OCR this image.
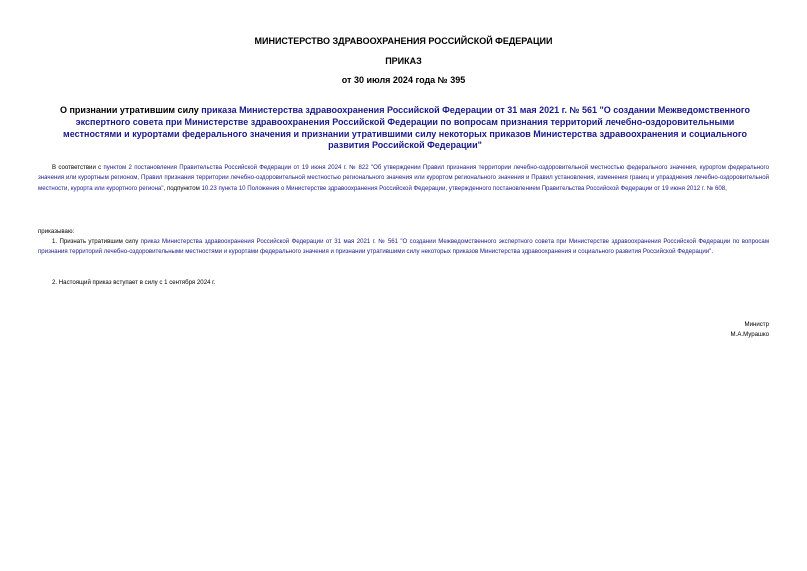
МИНИСТЕРСТВО ЗДРАВООХРАНЕНИЯ РОССИЙСКОЙ ФЕДЕРАЦИИ
ПРИКАЗ
от 30 июля 2024 года № 395
О признании утратившим силу приказа Министерства здравоохранения Российской Федерации от 31 мая 2021 г. № 561 "О создании Межведомственного экспертного совета при Министерстве здравоохранения Российской Федерации по вопросам признания территорий лечебно-оздоровительными местностями и курортами федерального значения и признании утратившими силу некоторых приказов Министерства здравоохранения и социального развития Российской Федерации"
В соответствии с пунктом 2 постановления Правительства Российской Федерации от 19 июня 2024 г. № 822 "Об утверждении Правил признания территории лечебно-оздоровительной местностью федерального значения, курортом федерального значения или курортным регионом, Правил признания территории лечебно-оздоровительной местностью регионального значения или курортом регионального значения и Правил установления, изменения границ и упразднения лечебно-оздоровительной местности, курорта или курортного региона", подпунктом 10.23 пункта 10 Положения о Министерстве здравоохранения Российской Федерации, утвержденного постановлением Правительства Российской Федерации от 19 июня 2012 г. № 608,
приказываю:
1. Признать утратившим силу приказ Министерства здравоохранения Российской Федерации от 31 мая 2021 г. № 561 "О создании Межведомственного экспертного совета при Министерстве здравоохранения Российской Федерации по вопросам признания территорий лечебно-оздоровительными местностями и курортами федерального значения и признании утратившими силу некоторых приказов Министерства здравоохранения и социального развития Российской Федерации".
2. Настоящий приказ вступает в силу с 1 сентября 2024 г.
Министр
М.А.Мурашко
